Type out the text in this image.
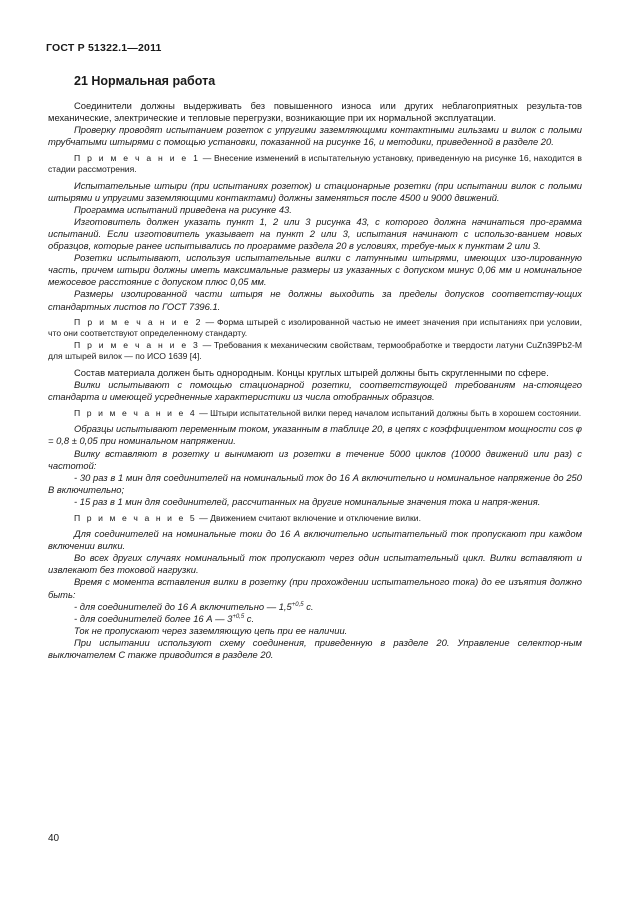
ГОСТ Р 51322.1—2011
21 Нормальная работа

Соединители должны выдерживать без повышенного износа или других неблагоприятных результа-тов механические, электрические и тепловые перегрузки, возникающие при их нормальной эксплуатации.

Проверку проводят испытанием розеток с упругими заземляющими контактными гильзами и вилок с полыми трубчатыми штырями с помощью установки, показанной на рисунке 16, и методики, приведенной в разделе 20.

П р и м е ч а н и е 1 — Внесение изменений в испытательную установку, приведенную на рисунке 16, находится в стадии рассмотрения.

Испытательные штыри (при испытаниях розеток) и стационарные розетки (при испытании вилок с полыми штырями и упругими заземляющими контактами) должны заменяться после 4500 и 9000 движений.

Программа испытаний приведена на рисунке 43.

Изготовитель должен указать пункт 1, 2 или 3 рисунка 43, с которого должна начинаться про-грамма испытаний. Если изготовитель указывает на пункт 2 или 3, испытания начинают с использо-ванием новых образцов, которые ранее испытывались по программе раздела 20 в условиях, требуе-мых к пунктам 2 или 3.

Розетки испытывают, используя испытательные вилки с латунными штырями, имеющих изо-лированную часть, причем штыри должны иметь максимальные размеры из указанных с допуском минус 0,06 мм и номинальное межосевое расстояние с допуском плюс 0,05 мм.

Размеры изолированной части штыря не должны выходить за пределы допусков соответству-ющих стандартных листов по ГОСТ 7396.1.

П р и м е ч а н и е 2 — Форма штырей с изолированной частью не имеет значения при испытаниях при условии, что они соответствуют определенному стандарту.

П р и м е ч а н и е 3 — Требования к механическим свойствам, термообработке и твердости латуни CuZn39Pb2-M для штырей вилок — по ИСО 1639 [4].

Состав материала должен быть однородным. Концы круглых штырей должны быть скругленными по сфере.

Вилки испытывают с помощью стационарной розетки, соответствующей требованиям на-стоящего стандарта и имеющей усредненные характеристики из числа отобранных образцов.

П р и м е ч а н и е 4 — Штыри испытательной вилки перед началом испытаний должны быть в хорошем состоянии.

Образцы испытывают переменным током, указанным в таблице 20, в цепях с коэффициентом мощности cos φ = 0,8 ± 0,05 при номинальном напряжении.

Вилку вставляют в розетку и вынимают из розетки в течение 5000 циклов (10000 движений или раз) с частотой:

- 30 раз в 1 мин для соединителей на номинальный ток до 16 А включительно и номинальное напряжение до 250 В включительно;

- 15 раз в 1 мин для соединителей, рассчитанных на другие номинальные значения тока и напря-жения.

П р и м е ч а н и е 5 — Движением считают включение и отключение вилки.

Для соединителей на номинальные токи до 16 А включительно испытательный ток пропускают при каждом включении вилки.

Во всех других случаях номинальный ток пропускают через один испытательный цикл. Вилки вставляют и извлекают без токовой нагрузки.

Время с момента вставления вилки в розетку (при прохождении испытательного тока) до ее изъятия должно быть:

- для соединителей до 16 А включительно — $1,5^{+0,5}$ с.

- для соединителей более 16 А — $3^{+0,5}$ с.

Ток не пропускают через заземляющую цепь при ее наличии.

При испытании используют схему соединения, приведенную в разделе 20. Управление селектор-ным выключателем С также приводится в разделе 20.

40
